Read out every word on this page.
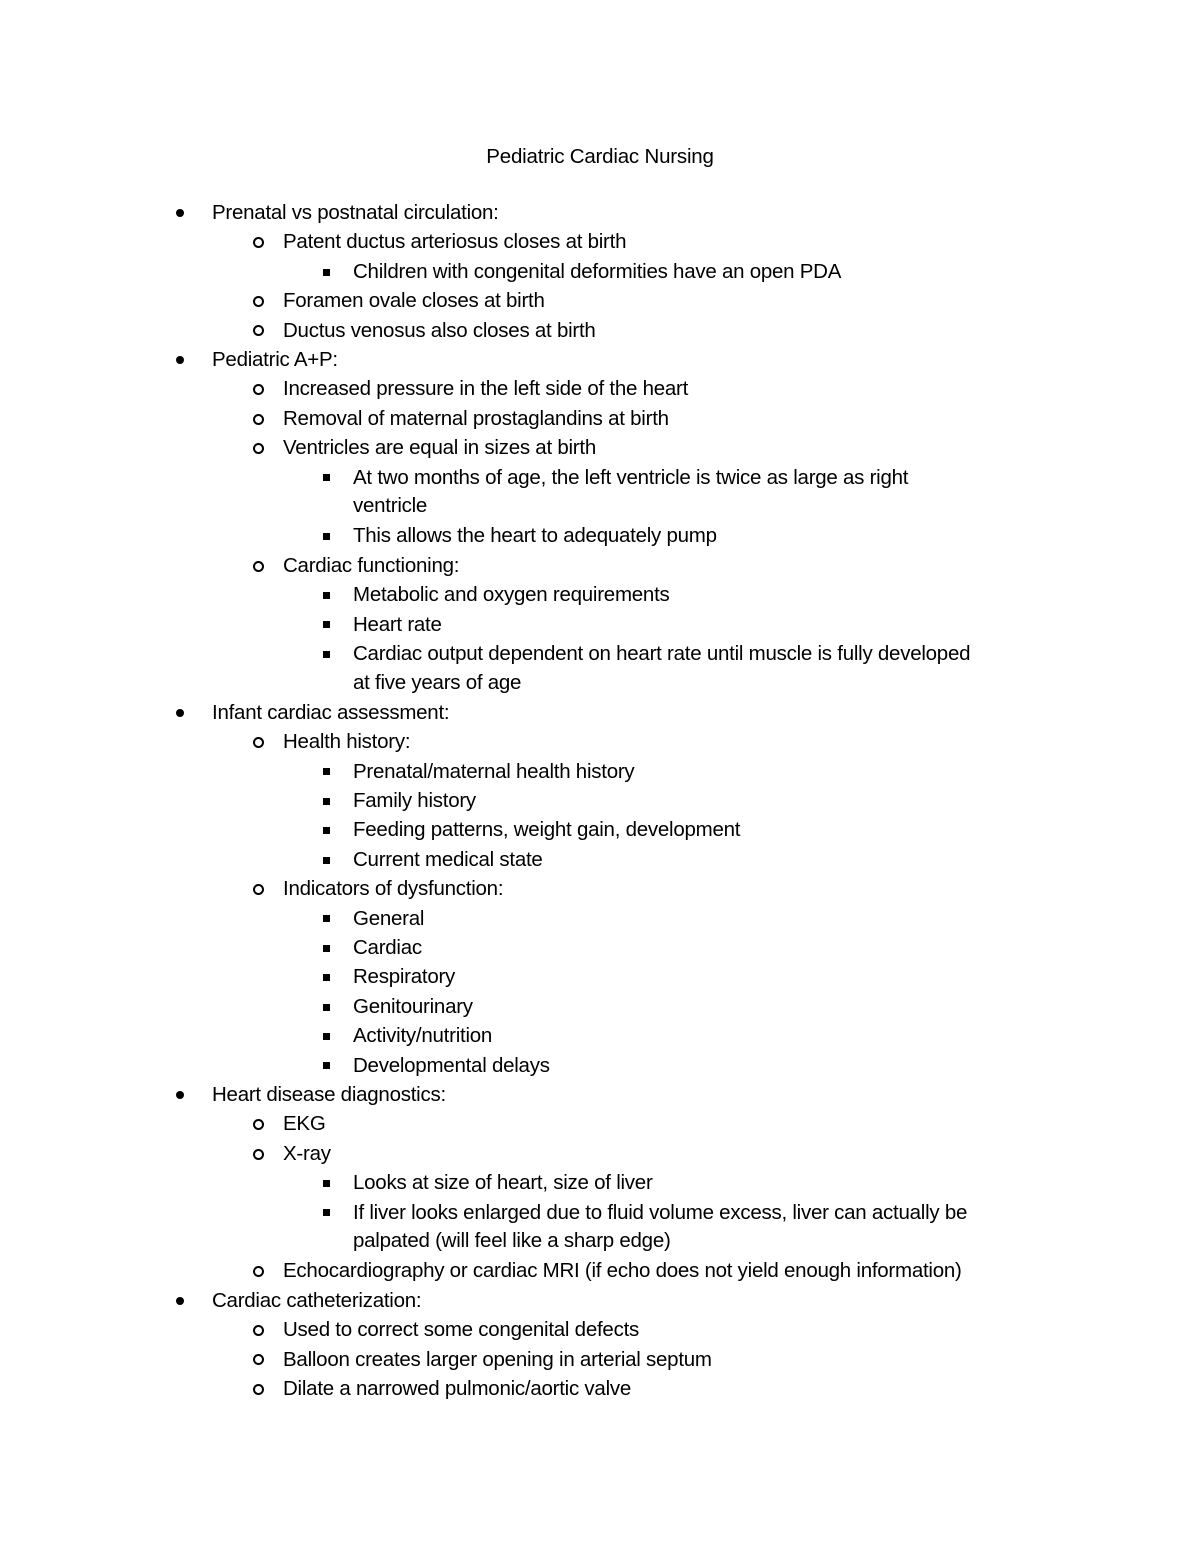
Pediatric Cardiac Nursing
Prenatal vs postnatal circulation:
Patent ductus arteriosus closes at birth
Children with congenital deformities have an open PDA
Foramen ovale closes at birth
Ductus venosus also closes at birth
Pediatric A+P:
Increased pressure in the left side of the heart
Removal of maternal prostaglandins at birth
Ventricles are equal in sizes at birth
At two months of age, the left ventricle is twice as large as right
ventricle
This allows the heart to adequately pump
Cardiac functioning:
Metabolic and oxygen requirements
Heart rate
Cardiac output dependent on heart rate until muscle is fully developed
at five years of age
Infant cardiac assessment:
Health history:
Prenatal/maternal health history
Family history
Feeding patterns, weight gain, development
Current medical state
Indicators of dysfunction:
General
Cardiac
Respiratory
Genitourinary
Activity/nutrition
Developmental delays
Heart disease diagnostics:
EKG
X-ray
Looks at size of heart, size of liver
If liver looks enlarged due to fluid volume excess, liver can actually be
palpated (will feel like a sharp edge)
Echocardiography or cardiac MRI (if echo does not yield enough information)
Cardiac catheterization:
Used to correct some congenital defects
Balloon creates larger opening in arterial septum
Dilate a narrowed pulmonic/aortic valve
